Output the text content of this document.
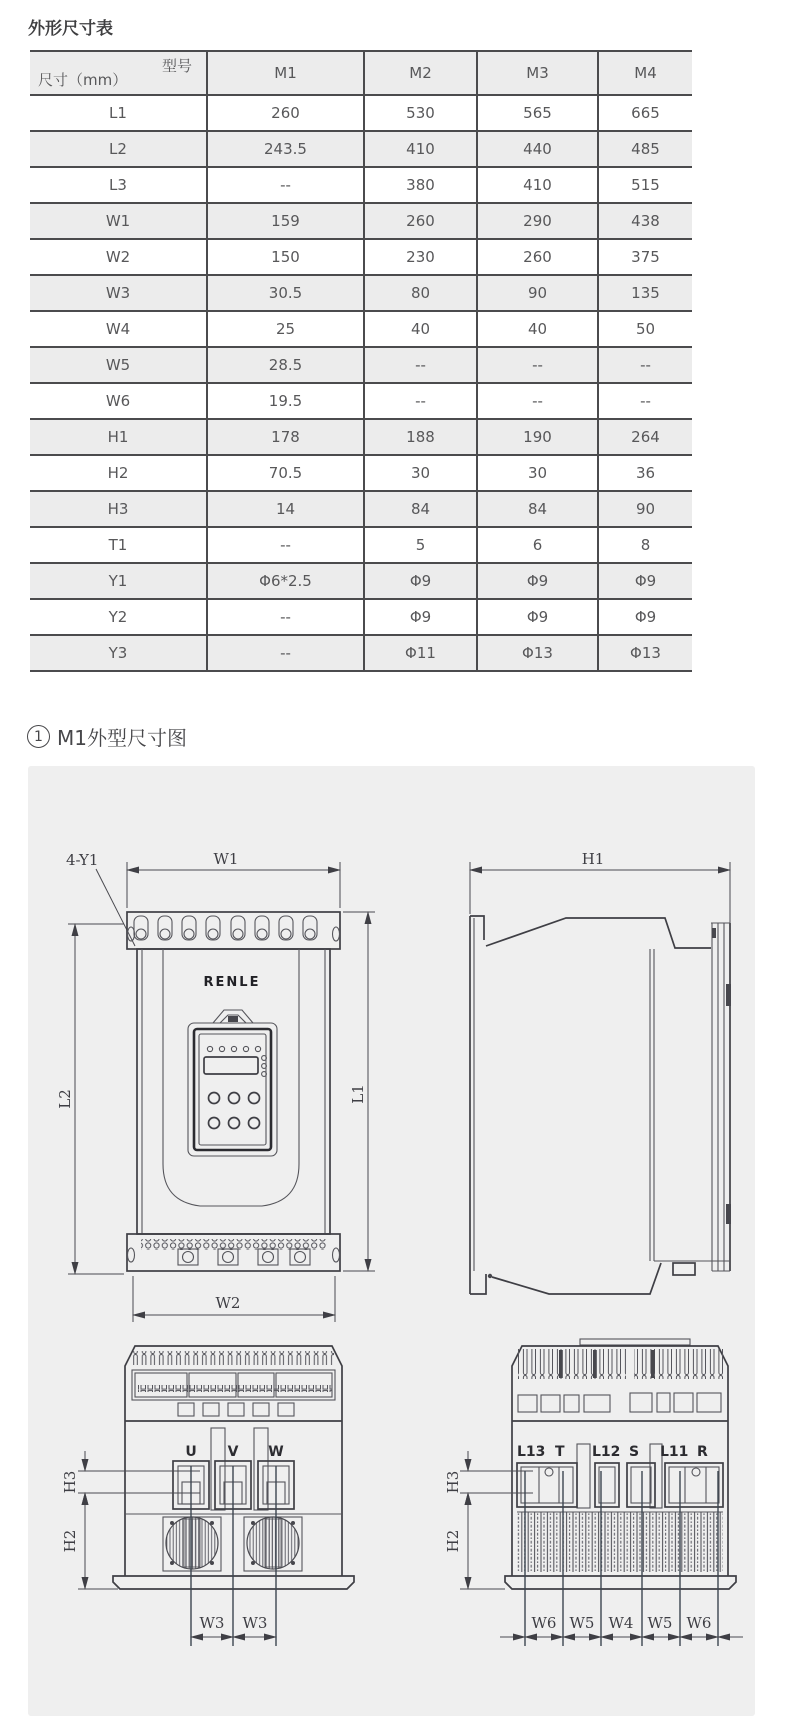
外形尺寸表
型号
尺寸（mm）	M1	M2	M3	M4
L1	260	530	565	665
L2	243.5	410	440	485
L3	--	380	410	515
W1	159	260	290	438
W2	150	230	260	375
W3	30.5	80	90	135
W4	25	40	40	50
W5	28.5	--	--	--
W6	19.5	--	--	--
H1	178	188	190	264
H2	70.5	30	30	36
H3	14	84	84	90
T1	--	5	6	8
Y1	Φ6*2.5	Φ9	Φ9	Φ9
Y2	--	Φ9	Φ9	Φ9
Y3	--	Φ11	Φ13	Φ13
1 M1外型尺寸图
W1
4-Y1
RENLE
L2	L1
W2
H1
U V W
H3
H2
W3 W3
L13 T L12 S L11 R
H3
H2
W6 W5 W4 W5 W6
